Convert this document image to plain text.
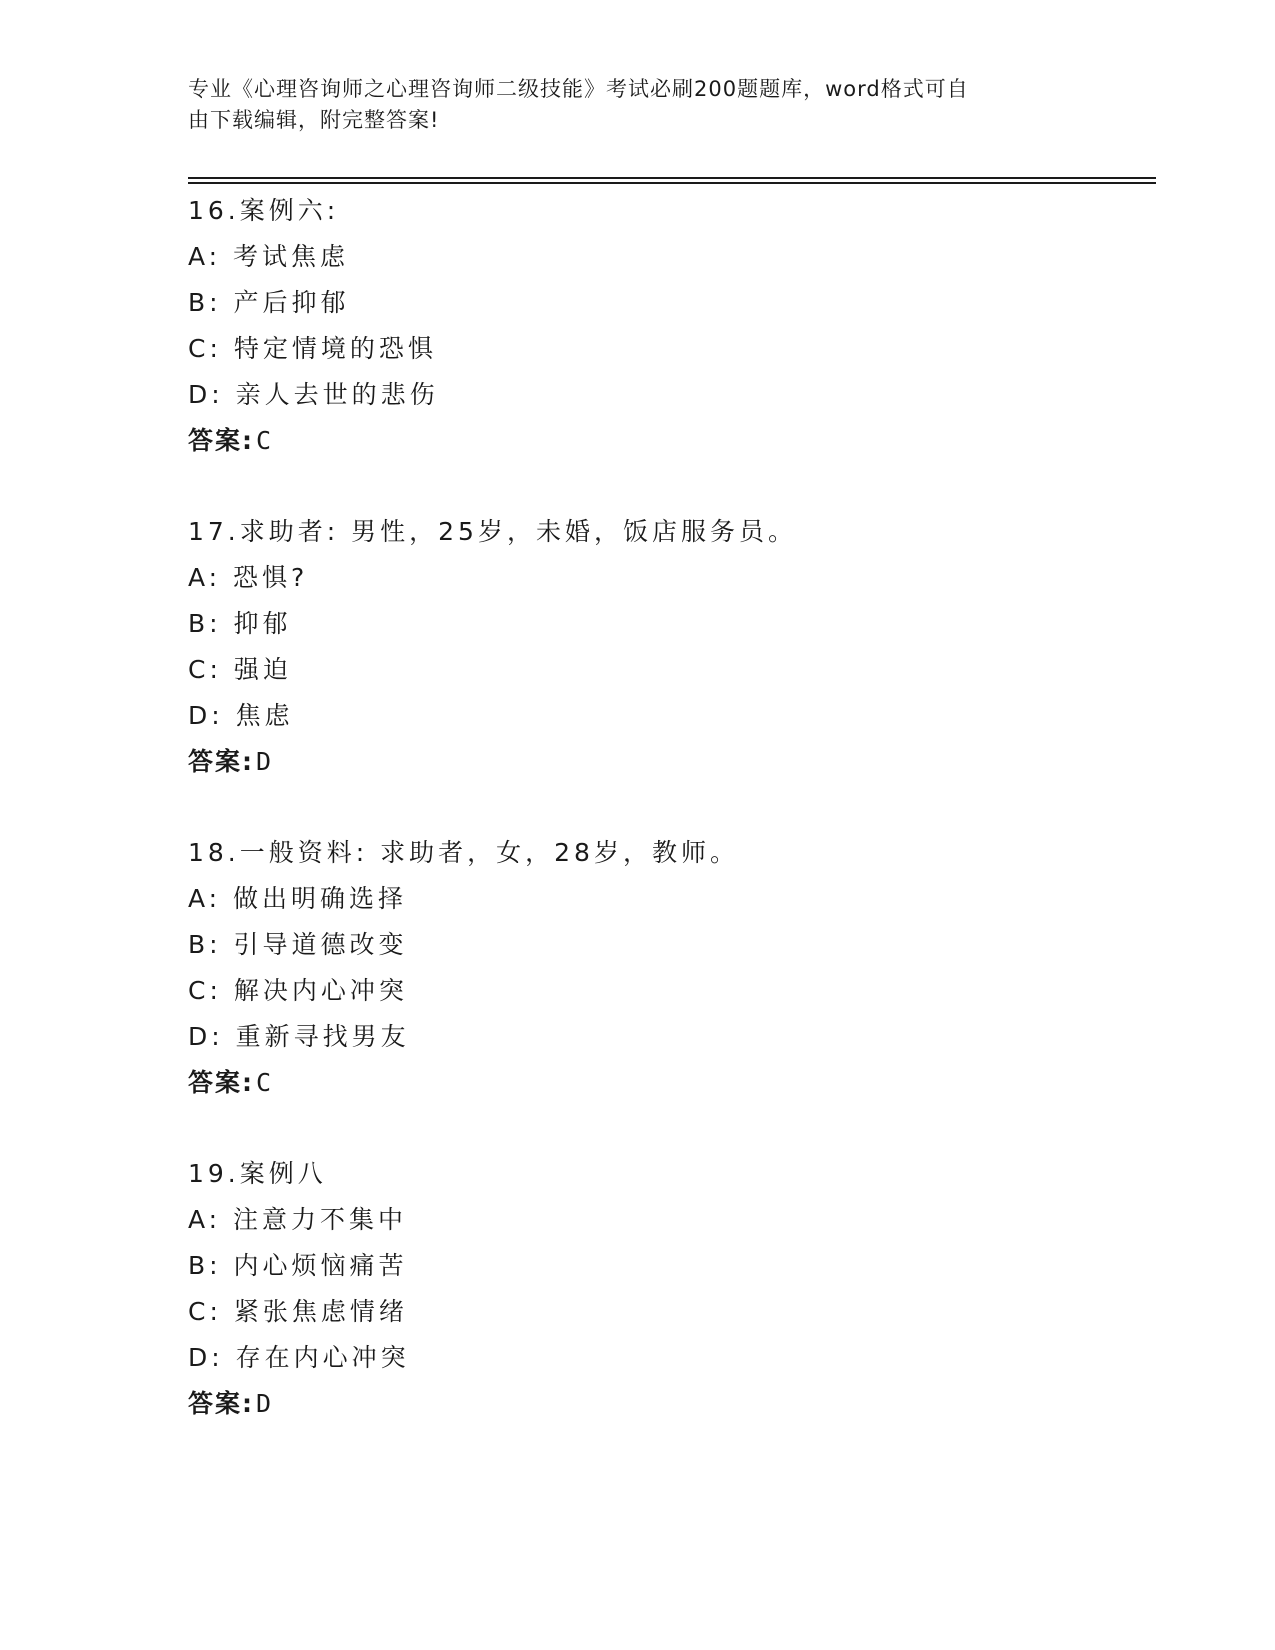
专业《心理咨询师之心理咨询师二级技能》考试必刷200题题库，word格式可自
由下载编辑，附完整答案!
16.案例六:
A: 考试焦虑
B: 产后抑郁
C: 特定情境的恐惧
D: 亲人去世的悲伤
答案:C
17.求助者: 男性，25岁，未婚，饭店服务员。
A: 恐惧?
B: 抑郁
C: 强迫
D: 焦虑
答案:D
18.一般资料: 求助者，女，28岁，教师。
A: 做出明确选择
B: 引导道德改变
C: 解决内心冲突
D: 重新寻找男友
答案:C
19.案例八
A: 注意力不集中
B: 内心烦恼痛苦
C: 紧张焦虑情绪
D: 存在内心冲突
答案:D
